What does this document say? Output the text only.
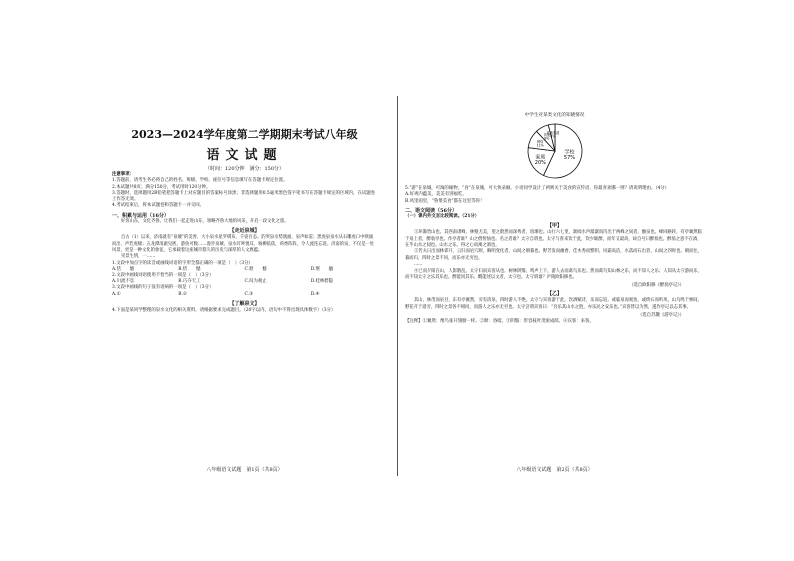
2023—2024学年度第二学期期末考试八年级
语文试题
（时间：120分钟　满分：150分）

注意事项：

1.答题前，请考生务必将自己的姓名、班级、学校、座位号等信息填写在答题卡规定位置。

2.本试题共8页；满分150分，考试用时120分钟。

3.答题时，选择题用2B铅笔把答题卡上对应题目的答案标号涂黑；非选择题用0.5毫米黑色签字笔书写在答题卡规定的区域内，在试题卷上作答无效。

4.考试结束后，将本试题卷和答题卡一并交回。

一、积累与运用（16分）

好客山东，文化齐鲁。让我们一起走进山东，领略齐鲁大地的风采，开启一段文化之旅。

【走近泉城】

自古（1）以来，济南就有“泉城”的美誉，大小泉水星罗棋布，千姿百态。趵突泉水势汹涌，泉声如雷；黑虎泉泉水从石雕虎口中喷涌而出，声若虎啸；五龙潭清澈见底，游鱼可数……漫步泉城，泉水叮咚悦耳，杨柳依依，荷香阵阵，令人流连忘返。济南的泉，不仅是一处风景，更是一种文化的象征，它承载着这座城市悠久的历史与深厚的人文底蕴。

见景生情，一……

1.文段中加点字的读音或画线词语的字形全都正确的一项是（　）（3分）

A.恬　　憾	B.恬　　憾	C.惬　　憾	D.惬　　撼

2.文段中画线词语使用不恰当的一项是（　）（3分）

A.川流不息	B.巧夺天工	C.叹为观止	D.桂林碧隐

3.文段中画线的句子没有语病的一项是（　）（3分）

A.①	B.②	C.③	D.④
【了解泉文】

4.下面是某同学整理的泉水文化的相关资料，请根据要求完成题目。（20字以内，语句中不得出现具体数字）（3分）

八年级语文试题　第1页（共8页）
中学生对某类文化的知晓情况
学校
57%
家庭
20%
网络
11%
其他
8%
其他渠道
4%

5.“游”在泉城，可淘的缘物，“食”在泉城，可大快朵颐。小语同学设计了两则关于美食的宣传语，你最喜欢哪一则？请说明理由。（4分）

A.好鸡内蕴美，美美有别福吃。

B.风里雨里，“鲁菜美食”都在这里等你！

二、语文阅读（56分）

（一）课内外文言比较阅读。（21分）

【甲】

①环滁皆山也。其西南诸峰，林壑尤美，望之蔚然而深秀者，琅琊也。山行六七里，渐闻水声潺潺而泻出于两峰之间者，酿泉也。峰回路转，有亭翼然临于泉上者，醉翁亭也。作亭者谁？山之僧智仙也。名之者谁？太守自谓也。太守与客来饮于此，饮少辄醉，而年又最高，故自号曰醉翁也。醉翁之意不在酒，在乎山水之间也。山水之乐，得之心而寓之酒也。

②若夫日出而林霏开，云归而岩穴暝，晦明变化者，山间之朝暮也。野芳发而幽香，佳木秀而繁阴，风霜高洁，水落而石出者，山间之四时也。朝而往，暮而归，四时之景不同，而乐亦无穷也。

……

④已而夕阳在山，人影散乱，太守归而宾客从也。树林阴翳，鸣声上下，游人去而禽鸟乐也。然而禽鸟知山林之乐，而不知人之乐；人知从太守游而乐，而不知太守之乐其乐也。醉能同其乐，醒能述以文者，太守也。太守谓谁？庐陵欧阳修也。

（选自欧阳修《醉翁亭记》）
【乙】

其山，林茂而泉甘，东有亭翼然，旁有清泉，四时游人不绝。太守与宾客游于此，饮酒赋诗，乐而忘返。或临泉而观鱼，或倚石而听风，山鸟鸣于林间，野花开于道旁，四时之景各不相同，而游人之乐亦无穷也。太守尝谓宾客曰：“吾乐其山水之胜，亦乐民之安乐也。”宾客皆以为然，遂作亭记以志其事。

（选自苏辙《游亭记》）

【注释】①翼然：像鸟张开翅膀一样。②暝：昏暗。③阴翳：形容枝叶茂密成荫。④宾客：来客。

八年级语文试题　第2页（共8页）
